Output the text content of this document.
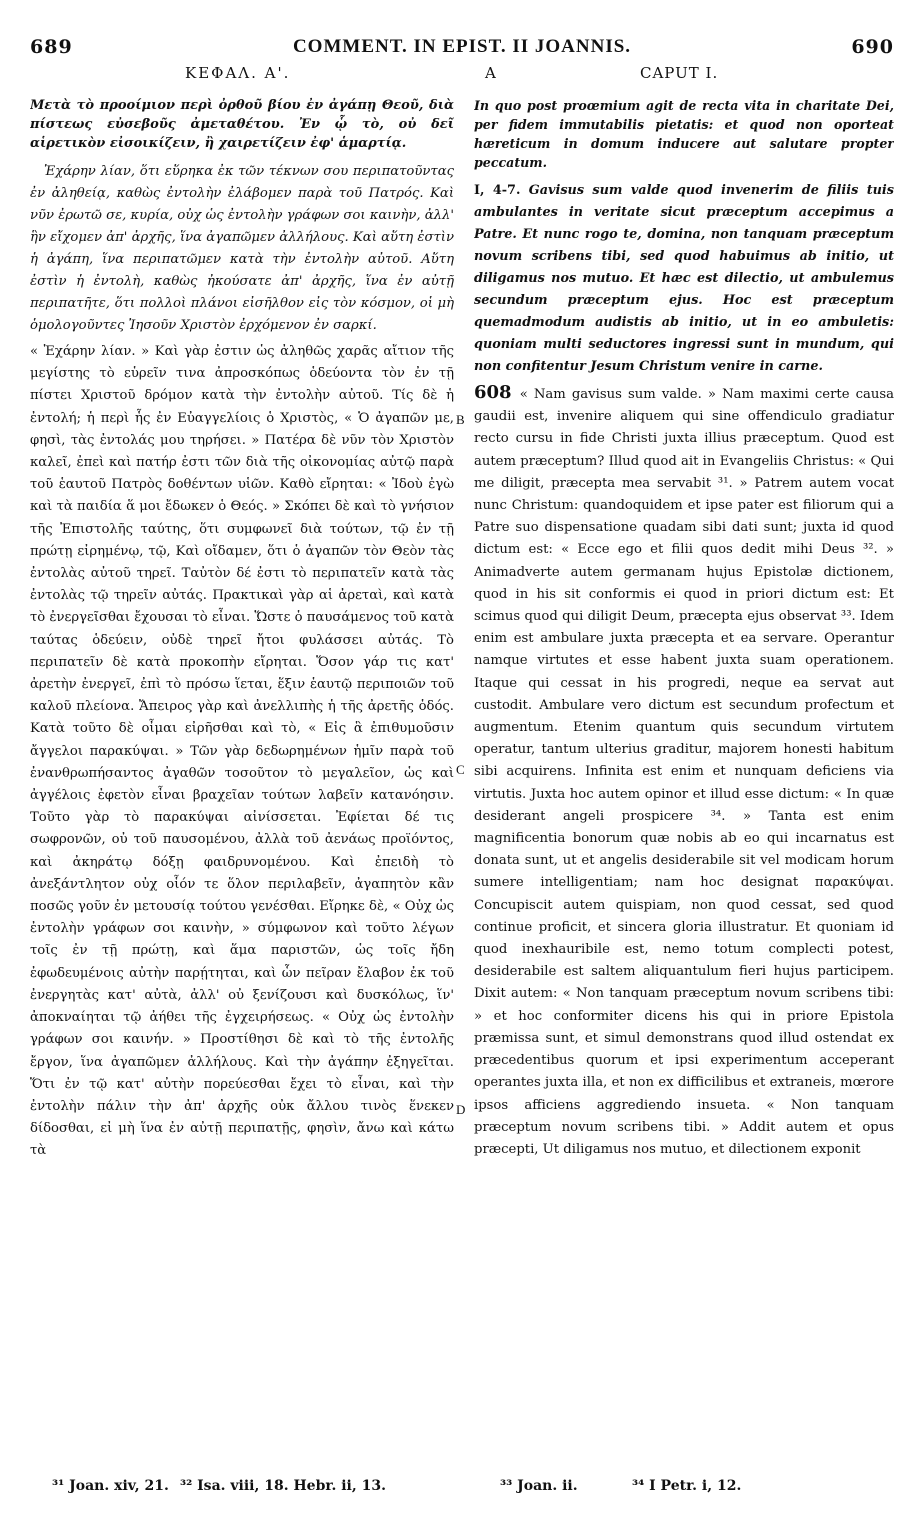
689	COMMENT. IN EPIST. II JOANNIS.	690
ΚΕΦΑΛ. Α'.	A	CAPUT I.

Μετὰ τὸ προοίμιον περὶ ὀρθοῦ βίου ἐν ἀγάπῃ Θεοῦ, διὰ πίστεως εὐσεβοῦς ἀμεταθέτου. Ἐν ᾧ τὸ, οὐ δεῖ αἱρετικὸν εἰσοικίζειν, ἢ χαιρετίζειν ἐφ' ἁμαρτίᾳ.

Ἐχάρην λίαν, ὅτι εὕρηκα ἐκ τῶν τέκνων σου περιπατοῦντας ἐν ἀληθείᾳ, καθὼς ἐντολὴν ἐλάβομεν παρὰ τοῦ Πατρός. Καὶ νῦν ἐρωτῶ σε, κυρία, οὐχ ὡς ἐντολὴν γράφων σοι καινὴν, ἀλλ' ἣν εἴχομεν ἀπ' ἀρχῆς, ἵνα ἀγαπῶμεν ἀλλήλους. Καὶ αὕτη ἐστὶν ἡ ἀγάπη, ἵνα περιπατῶμεν κατὰ τὴν ἐντολὴν αὐτοῦ. Αὕτη ἐστὶν ἡ ἐντολὴ, καθὼς ἠκούσατε ἀπ' ἀρχῆς, ἵνα ἐν αὐτῇ περιπατῆτε, ὅτι πολλοὶ πλάνοι εἰσῆλθον εἰς τὸν κόσμον, οἱ μὴ ὁμολογοῦντες Ἰησοῦν Χριστὸν ἐρχόμενον ἐν σαρκί.

« Ἐχάρην λίαν. » Καὶ γὰρ ἐστιν ὡς ἀληθῶς χαρᾶς αἴτιον τῆς μεγίστης τὸ εὑρεῖν τινα ἀπροσκόπως ὁδεύοντα τὸν ἐν τῇ πίστει Χριστοῦ δρόμον κατὰ τὴν ἐντολὴν αὐτοῦ. Τίς δὲ ἡ ἐντολή; ἡ περὶ ἧς ἐν Εὐαγγελίοις ὁ Χριστὸς, « Ὁ ἀγαπῶν με, φησὶ, τὰς ἐντολάς μου τηρήσει. » Πατέρα δὲ νῦν τὸν Χριστὸν καλεῖ, ἐπεὶ καὶ πατήρ ἐστι τῶν διὰ τῆς οἰκονομίας αὐτῷ παρὰ τοῦ ἑαυτοῦ Πατρὸς δοθέντων υἱῶν. Καθὸ εἴρηται: « Ἰδοὺ ἐγὼ καὶ τὰ παιδία ἅ μοι ἔδωκεν ὁ Θεός. » Σκόπει δὲ καὶ τὸ γνήσιον τῆς Ἐπιστολῆς ταύτης, ὅτι συμφωνεῖ διὰ τούτων, τῷ ἐν τῇ πρώτῃ εἰρημένῳ, τῷ, Καὶ οἴδαμεν, ὅτι ὁ ἀγαπῶν τὸν Θεὸν τὰς ἐντολὰς αὐτοῦ τηρεῖ. Ταὐτὸν δέ ἐστι τὸ περιπατεῖν κατὰ τὰς ἐντολὰς τῷ τηρεῖν αὐτάς. Πρακτικαὶ γὰρ αἱ ἀρεταὶ, καὶ κατὰ τὸ ἐνεργεῖσθαι ἔχουσαι τὸ εἶναι. Ὥστε ὁ παυσάμενος τοῦ κατὰ ταύτας ὁδεύειν, οὐδὲ τηρεῖ ἤτοι φυλάσσει αὐτάς. Τὸ περιπατεῖν δὲ κατὰ προκοπὴν εἴρηται. Ὅσον γάρ τις κατ' ἀρετὴν ἐνεργεῖ, ἐπὶ τὸ πρόσω ἵεται, ἕξιν ἑαυτῷ περιποιῶν τοῦ καλοῦ πλείονα. Ἄπειρος γὰρ καὶ ἀνελλιπὴς ἡ τῆς ἀρετῆς ὁδός. Κατὰ τοῦτο δὲ οἶμαι εἰρῆσθαι καὶ τὸ, « Εἰς ἃ ἐπιθυμοῦσιν ἄγγελοι παρακύψαι. » Τῶν γὰρ δεδωρημένων ἡμῖν παρὰ τοῦ ἐνανθρωπήσαντος ἀγαθῶν τοσοῦτον τὸ μεγαλεῖον, ὡς καὶ ἀγγέλοις ἐφετὸν εἶναι βραχεῖαν τούτων λαβεῖν κατανόησιν. Τοῦτο γὰρ τὸ παρακύψαι αἰνίσσεται. Ἐφίεται δέ τις σωφρονῶν, οὐ τοῦ παυσομένου, ἀλλὰ τοῦ ἀενάως προϊόντος, καὶ ἀκηράτῳ δόξῃ φαιδρυνομένου. Καὶ ἐπειδὴ τὸ ἀνεξάντλητον οὐχ οἷόν τε ὅλον περιλαβεῖν, ἀγαπητὸν κἂν ποσῶς γοῦν ἐν μετουσίᾳ τούτου γενέσθαι. Εἴρηκε δὲ, « Οὐχ ὡς ἐντολὴν γράφων σοι καινὴν, » σύμφωνον καὶ τοῦτο λέγων τοῖς ἐν τῇ πρώτῃ, καὶ ἅμα παριστῶν, ὡς τοῖς ἤδη ἐφωδευμένοις αὐτὴν παρῄτηται, καὶ ὧν πεῖραν ἔλαβον ἐκ τοῦ ἐνεργητὰς κατ' αὐτὰ, ἀλλ' οὐ ξενίζουσι καὶ δυσκόλως, ἵν' ἀποκναίηται τῷ ἀήθει τῆς ἐγχειρήσεως. « Οὐχ ὡς ἐντολὴν γράφων σοι καινήν. » Προστίθησι δὲ καὶ τὸ τῆς ἐντολῆς ἔργον, ἵνα ἀγαπῶμεν ἀλλήλους. Καὶ τὴν ἀγάπην ἐξηγεῖται. Ὅτι ἐν τῷ κατ' αὐτὴν πορεύεσθαι ἔχει τὸ εἶναι, καὶ τὴν ἐντολὴν πάλιν τὴν ἀπ' ἀρχῆς οὐκ ἄλλου τινὸς ἕνεκεν δίδοσθαι, εἰ μὴ ἵνα ἐν αὐτῇ περιπατῇς, φησὶν, ἄνω καὶ κάτω τὰ

B
C
D

In quo post proœmium agit de recta vita in charitate Dei, per fidem immutabilis pietatis: et quod non oporteat hæreticum in domum inducere aut salutare propter peccatum.

I, 4-7. Gavisus sum valde quod invenerim de filiis tuis ambulantes in veritate sicut præceptum accepimus a Patre. Et nunc rogo te, domina, non tanquam præceptum novum scribens tibi, sed quod habuimus ab initio, ut diligamus nos mutuo. Et hæc est dilectio, ut ambulemus secundum præceptum ejus. Hoc est præceptum quemadmodum audistis ab initio, ut in eo ambuletis: quoniam multi seductores ingressi sunt in mundum, qui non confitentur Jesum Christum venire in carne.

608 « Nam gavisus sum valde. » Nam maximi certe causa gaudii est, invenire aliquem qui sine offendiculo gradiatur recto cursu in fide Christi juxta illius præceptum. Quod est autem præceptum? Illud quod ait in Evangeliis Christus: « Qui me diligit, præcepta mea servabit ³¹. » Patrem autem vocat nunc Christum: quandoquidem et ipse pater est filiorum qui a Patre suo dispensatione quadam sibi dati sunt; juxta id quod dictum est: « Ecce ego et filii quos dedit mihi Deus ³². » Animadverte autem germanam hujus Epistolæ dictionem, quod in his sit conformis ei quod in priori dictum est: Et scimus quod qui diligit Deum, præcepta ejus observat ³³. Idem enim est ambulare juxta præcepta et ea servare. Operantur namque virtutes et esse habent juxta suam operationem. Itaque qui cessat in his progredi, neque ea servat aut custodit. Ambulare vero dictum est secundum profectum et augmentum. Etenim quantum quis secundum virtutem operatur, tantum ulterius graditur, majorem honesti habitum sibi acquirens. Infinita est enim et nunquam deficiens via virtutis. Juxta hoc autem opinor et illud esse dictum: « In quæ desiderant angeli prospicere ³⁴. » Tanta est enim magnificentia bonorum quæ nobis ab eo qui incarnatus est donata sunt, ut et angelis desiderabile sit vel modicam horum sumere intelligentiam; nam hoc designat παρακύψαι. Concupiscit autem quispiam, non quod cessat, sed quod continue proficit, et sincera gloria illustratur. Et quoniam id quod inexhauribile est, nemo totum complecti potest, desiderabile est saltem aliquantulum fieri hujus participem. Dixit autem: « Non tanquam præceptum novum scribens tibi: » et hoc conformiter dicens his qui in priore Epistola præmissa sunt, et simul demonstrans quod illud ostendat ex præcedentibus quorum et ipsi experimentum acceperant operantes juxta illa, et non ex difficilibus et extraneis, mœrore ipsos afficiens aggrediendo insueta. « Non tanquam præceptum novum scribens tibi. » Addit autem et opus præcepti, Ut diligamus nos mutuo, et dilectionem exponit

³¹ Joan. xiv, 21. ³² Isa. viii, 18. Hebr. ii, 13.	³³ Joan. ii.	³⁴ I Petr. i, 12.
